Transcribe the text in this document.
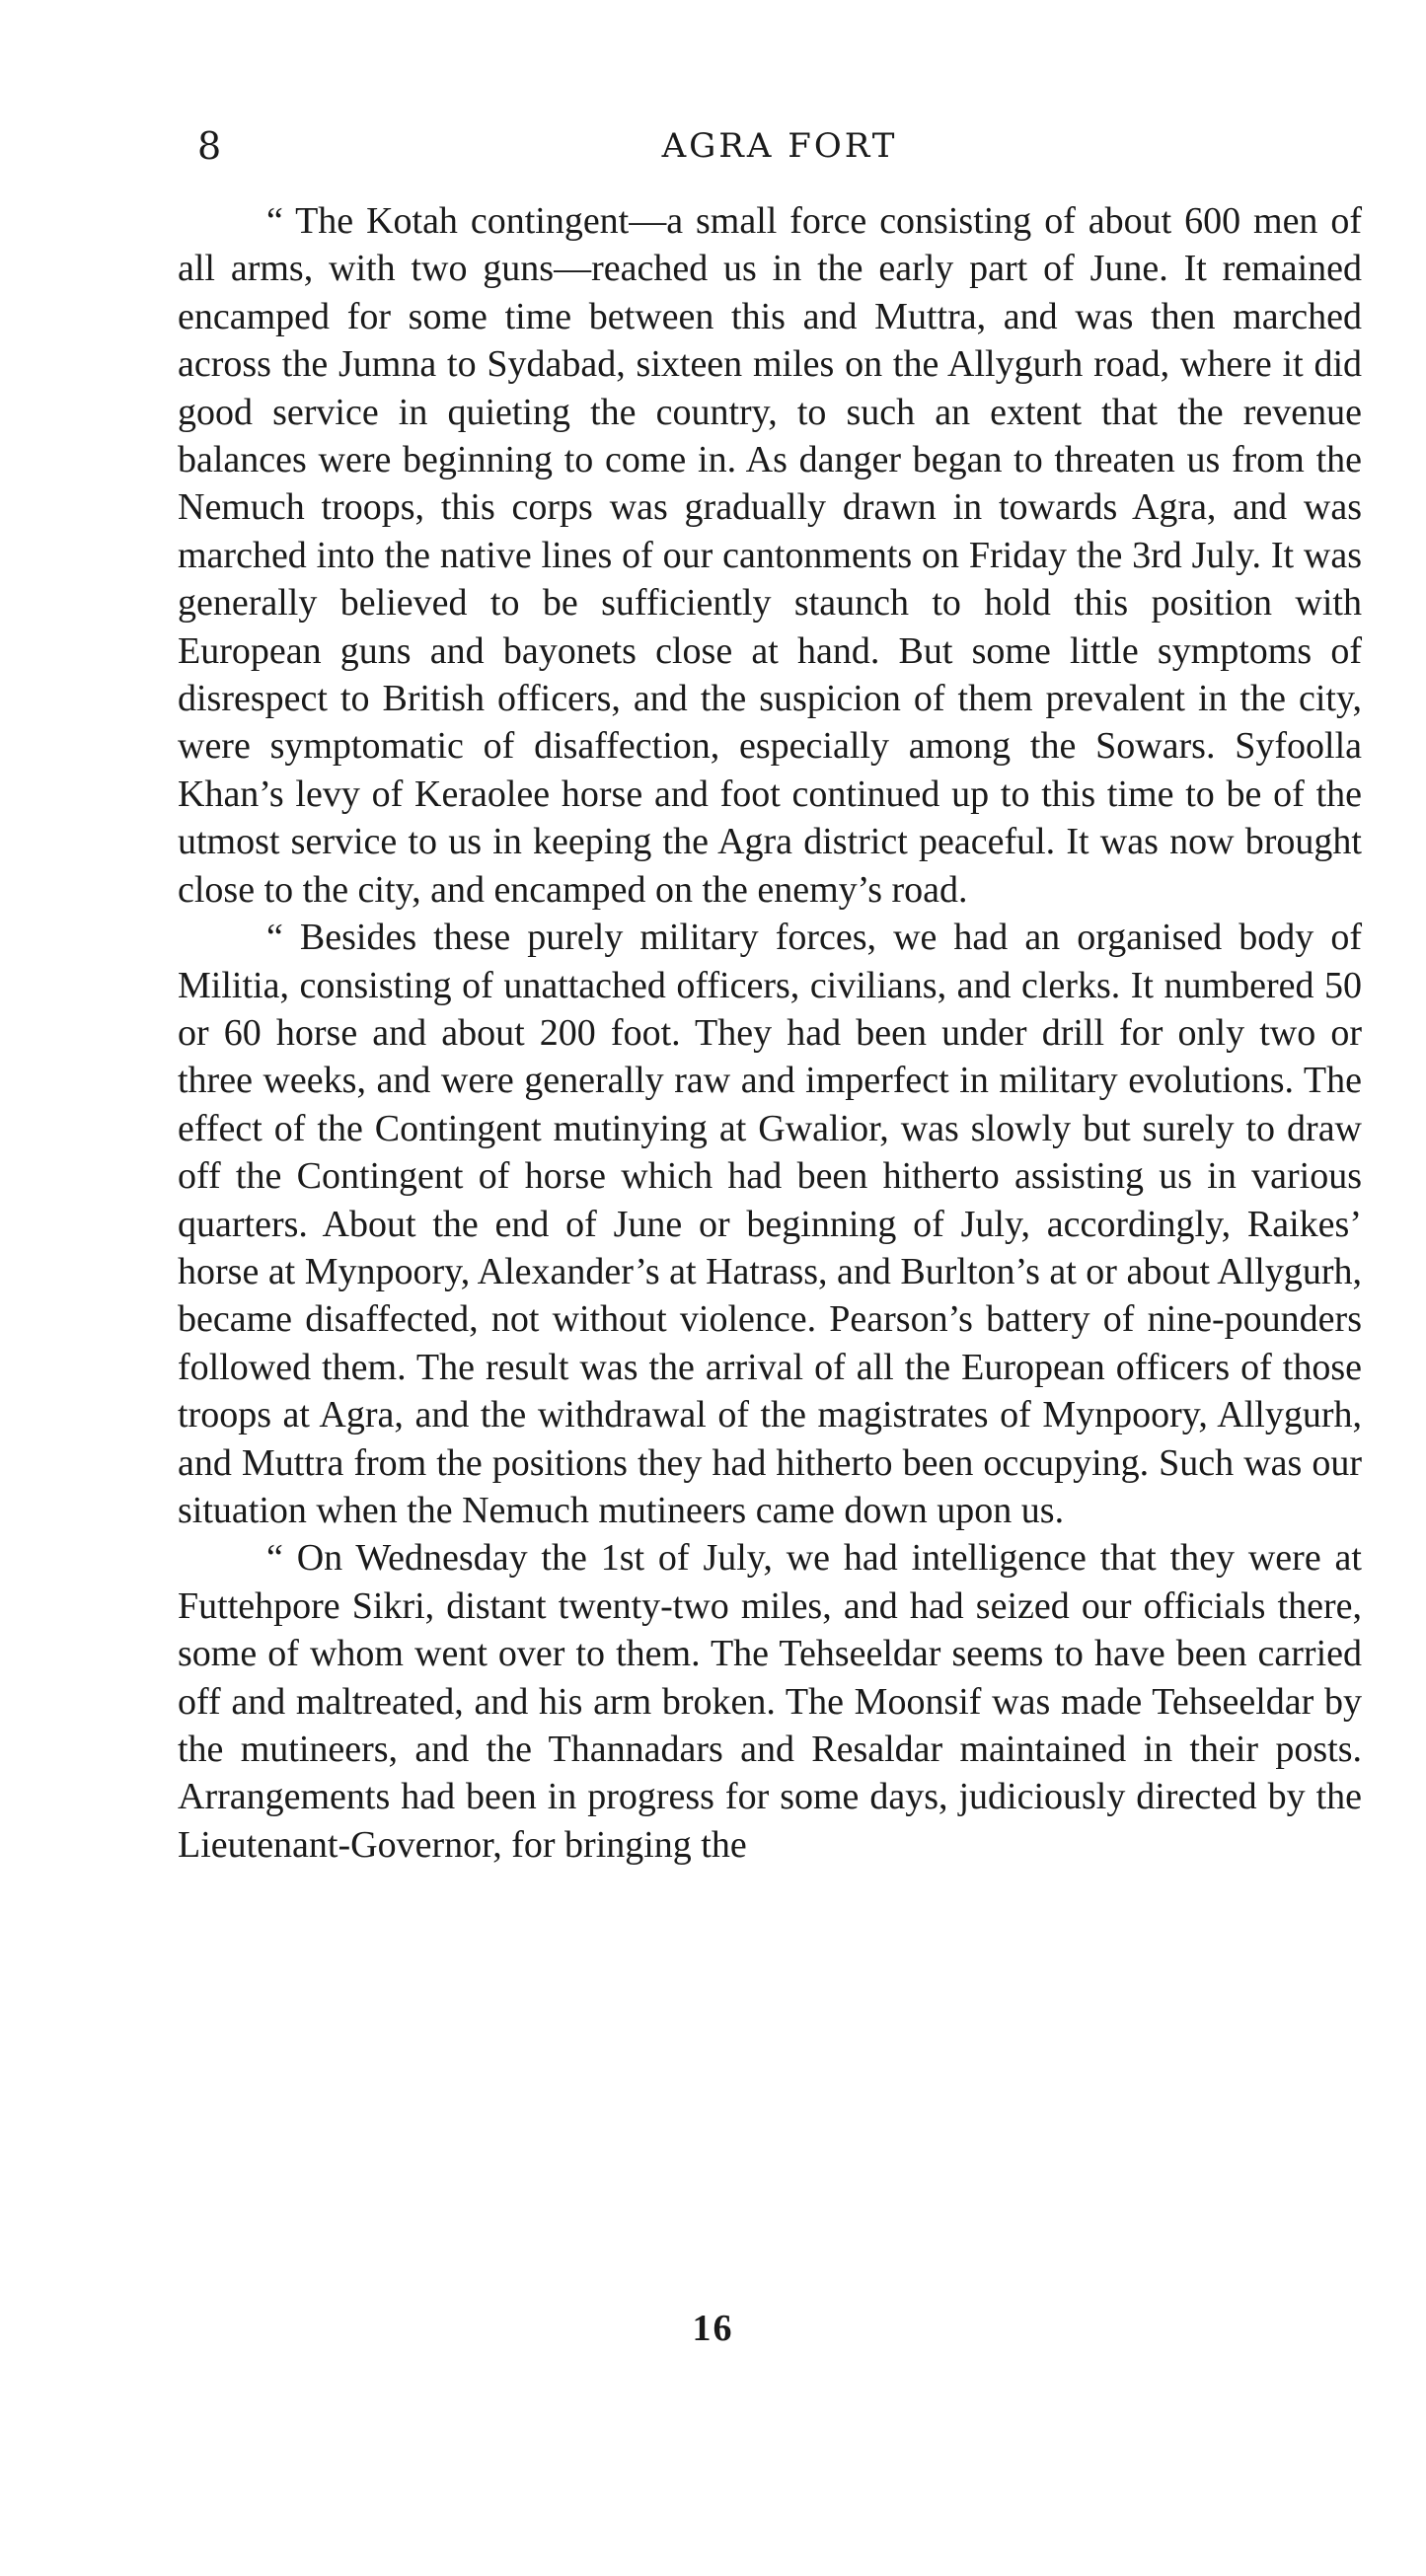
8	AGRA FORT

“ The Kotah contingent—a small force consisting of about 600 men of all arms, with two guns—reached us in the early part of June. It remained encamped for some time between this and Muttra, and was then marched across the Jumna to Sydabad, sixteen miles on the Allygurh road, where it did good service in quieting the country, to such an extent that the revenue balances were beginning to come in. As danger began to threaten us from the Nemuch troops, this corps was gradually drawn in towards Agra, and was marched into the native lines of our cantonments on Friday the 3rd July. It was generally believed to be sufficiently staunch to hold this position with European guns and bayonets close at hand. But some little symptoms of disrespect to British officers, and the suspicion of them prevalent in the city, were symptomatic of disaffection, especially among the Sowars. Syfoolla Khan’s levy of Keraolee horse and foot continued up to this time to be of the utmost service to us in keeping the Agra district peaceful. It was now brought close to the city, and encamped on the enemy’s road.

“ Besides these purely military forces, we had an organised body of Militia, consisting of unattached officers, civilians, and clerks. It numbered 50 or 60 horse and about 200 foot. They had been under drill for only two or three weeks, and were generally raw and imperfect in military evolutions. The effect of the Contingent mutinying at Gwalior, was slowly but surely to draw off the Contingent of horse which had been hitherto assisting us in various quarters. About the end of June or beginning of July, accordingly, Raikes’ horse at Mynpoory, Alexander’s at Hatrass, and Burlton’s at or about Allygurh, became disaffected, not without violence. Pearson’s battery of nine-pounders followed them. The result was the arrival of all the European officers of those troops at Agra, and the withdrawal of the magistrates of Mynpoory, Allygurh, and Muttra from the positions they had hitherto been occupying. Such was our situation when the Nemuch mutineers came down upon us.

“ On Wednesday the 1st of July, we had intelligence that they were at Futtehpore Sikri, distant twenty-two miles, and had seized our officials there, some of whom went over to them. The Tehseeldar seems to have been carried off and maltreated, and his arm broken. The Moonsif was made Tehseeldar by the mutineers, and the Thannadars and Resaldar maintained in their posts. Arrangements had been in progress for some days, judiciously directed by the Lieutenant-Governor, for bringing the

16
